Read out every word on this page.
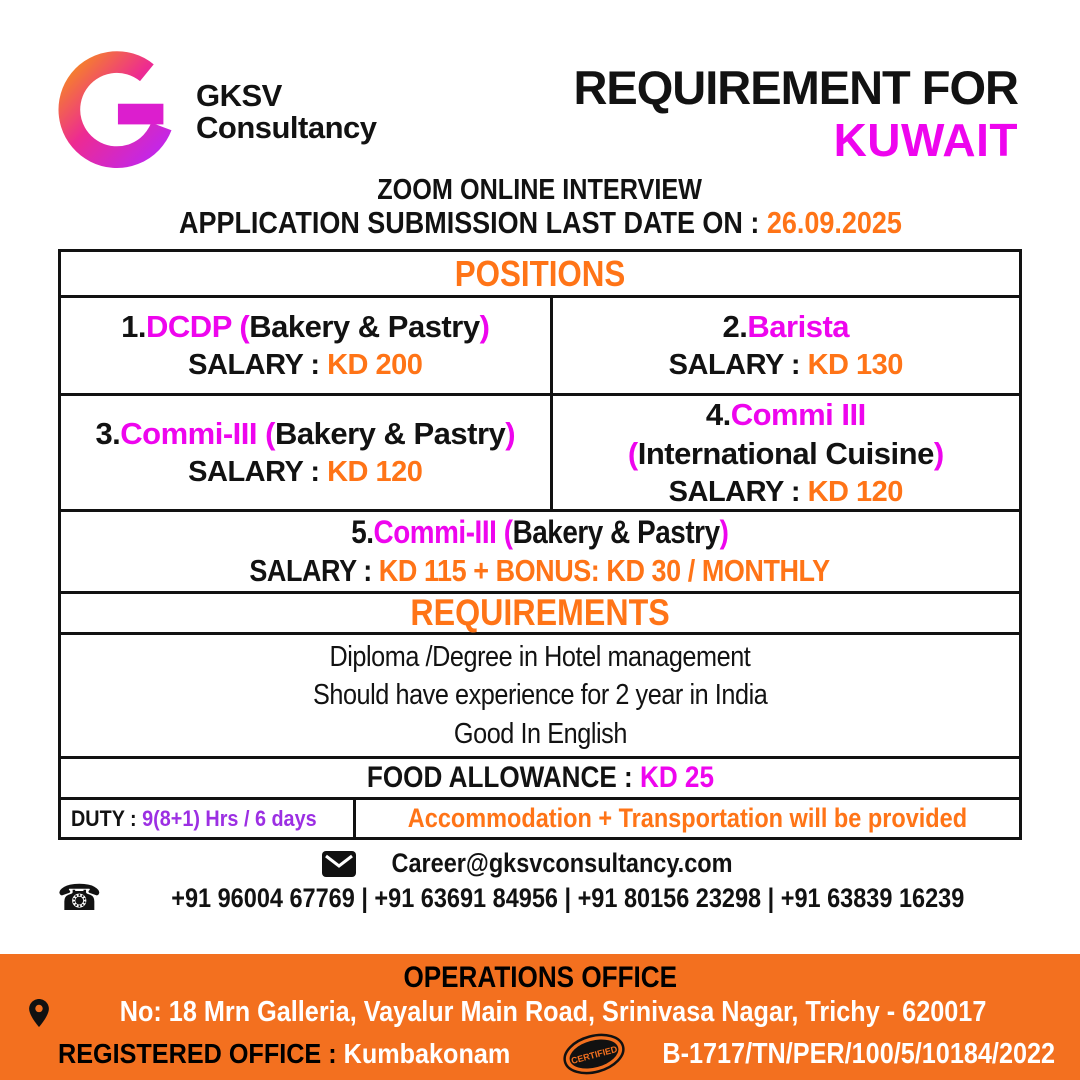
GKSV
Consultancy
REQUIREMENT FOR
KUWAIT
ZOOM ONLINE INTERVIEW
APPLICATION SUBMISSION LAST DATE ON : 26.09.2025
POSITIONS
1.DCDP (Bakery & Pastry)
SALARY : KD 200
2.Barista
SALARY : KD 130
3.Commi-III (Bakery & Pastry)
SALARY : KD 120
4.Commi III
(International Cuisine)
SALARY : KD 120
5.Commi-III (Bakery & Pastry)
SALARY : KD 115 + BONUS: KD 30 / MONTHLY
REQUIREMENTS
Diploma /Degree in Hotel management
Should have experience for 2 year in India
Good In English
FOOD ALLOWANCE : KD 25
DUTY : 9(8+1) Hrs / 6 days	Accommodation + Transportation will be provided
Career@gksvconsultancy.com
☎	+91 96004 67769 | +91 63691 84956 | +91 80156 23298 | +91 63839 16239
OPERATIONS OFFICE
No: 18 Mrn Galleria, Vayalur Main Road, Srinivasa Nagar, Trichy - 620017
REGISTERED OFFICE : Kumbakonam	CERTIFIED B-1717/TN/PER/100/5/10184/2022
